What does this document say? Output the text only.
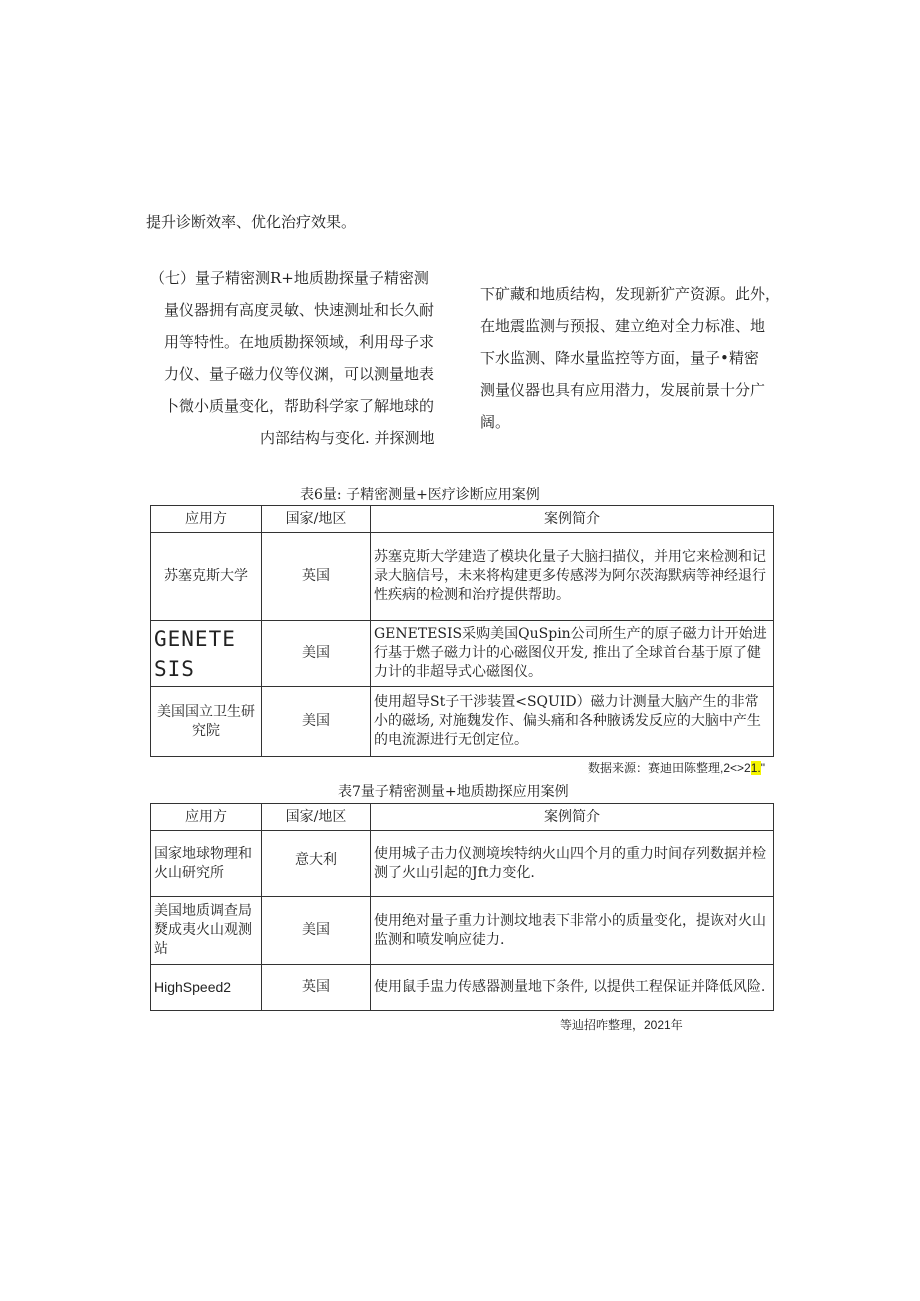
提升诊断效率、优化治疗效果。
（七）量子精密测R+地质勘探量子精密测
量仪器拥有高度灵敏、快速测址和长久耐
用等特性。在地质勘探领域，利用母子求
力仪、量子磁力仪等仪渊，可以测量地表
卜微小质量变化，帮助科学家了解地球的
内部结构与变化. 并探测地
下矿藏和地质结构，发现新犷产资源。此外，
在地震监测与预报、建立绝对全力标准、地
下水监测、降水量监控等方面，量子•精密
测量仪器也具有应用潜力，发展前景十分广
阔。
表6量: 子精密测量+医疗诊断应用案例
应用方	国家/地区	案例简介
苏塞克斯大学	英国	苏塞克斯大学建造了模块化量子大脑扫描仪，并用它来检测和记录大脑信号，未来将构建更多传感涔为阿尔茨海默病等神经退行性疾病的检测和治疗提供帮助。
GENETE SIS	美国	GENETESIS采购美国QuSpin公司所生产的原子磁力计开始进行基于燃子磁力计的心磁图仪开发, 推出了全球首台基于原了健力计的非超导式心磁图仪。
美国国立卫生研究院	美国	使用超导St子干涉装置<SQUID）磁力计测量大脑产生的非常小的磁场, 对施魏发作、偏头痛和各种腋诱发反应的大脑中产生的电流源进行无创定位。
数据来源：赛迪田陈整理,2<>21."
表7量子精密测量+地质勘探应用案例
应用方	国家/地区	案例简介
国家地球物理和火山研究所	意大利	使用城子击力仪测境埃特纳火山四个月的重力时间存列数据并检测了火山引起的Jft力变化.
美国地质调查局燹成夷火山观测站	美国	使用绝对量子重力计测坟地表下非常小的质量变化，提诙对火山监测和喷发响应徒力.
HighSpeed2	英国	使用鼠手盅力传感器测量地下条件, 以提供工程保证并降低风险.
等辿招咋整理，2021年
